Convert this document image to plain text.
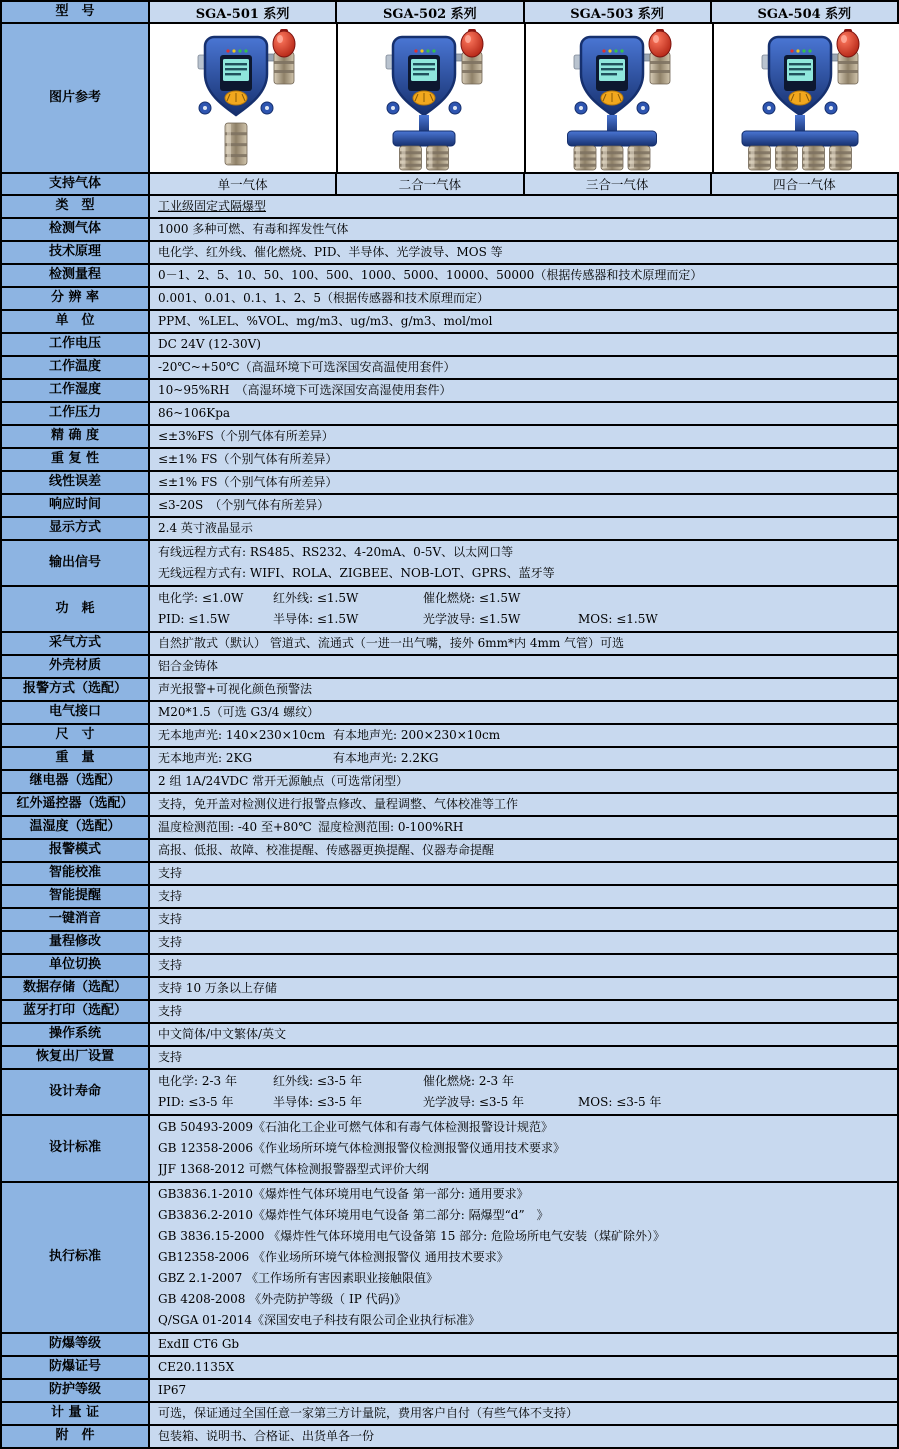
型　号	SGA-501 系列	SGA-502 系列	SGA-503 系列	SGA-504 系列
图片参考
支持气体	单一气体	二合一气体	三合一气体	四合一气体
类　型	工业级固定式隔爆型
检测气体	1000 多种可燃、有毒和挥发性气体
技术原理	电化学、红外线、催化燃烧、PID、半导体、光学波导、MOS 等
检测量程	0－1、2、5、10、50、100、500、1000、5000、10000、50000（根据传感器和技术原理而定）
分 辨 率	0.001、0.01、0.1、1、2、5（根据传感器和技术原理而定）
单　位	PPM、%LEL、%VOL、mg/m3、ug/m3、g/m3、mol/mol
工作电压	DC 24V (12-30V)
工作温度	-20℃~+50℃（高温环境下可选深国安高温使用套件）
工作湿度	10~95%RH　（高湿环境下可选深国安高湿使用套件）
工作压力	86~106Kpa
精 确 度	≤±3%FS（个别气体有所差异）
重 复 性	≤±1% FS（个别气体有所差异）
线性误差	≤±1% FS（个别气体有所差异）
响应时间	≤3-20S　（个别气体有所差异）
显示方式	2.4 英寸液晶显示
输出信号
有线远程方式有: RS485、RS232、4-20mA、0-5V、以太网口等
无线远程方式有: WIFI、ROLA、ZIGBEE、NOB-LOT、GPRS、蓝牙等
功　耗
电化学: ≤1.0W	红外线: ≤1.5W	催化燃烧: ≤1.5W
PID: ≤1.5W	半导体: ≤1.5W	光学波导: ≤1.5W	MOS: ≤1.5W
采气方式	自然扩散式（默认） 管道式、流通式（一进一出气嘴，接外 6mm*内 4mm 气管）可选
外壳材质	铝合金铸体
报警方式（选配）	声光报警+可视化颜色预警法
电气接口	M20*1.5（可选 G3/4 螺纹）
尺　寸	无本地声光: 140×230×10cm 有本地声光: 200×230×10cm
重　量	无本地声光: 2KG	有本地声光: 2.2KG
继电器（选配）	2 组 1A/24VDC 常开无源触点（可选常闭型）
红外遥控器（选配）	支持，免开盖对检测仪进行报警点修改、量程调整、气体校准等工作
温湿度（选配）	温度检测范围: -40 至+80℃ 湿度检测范围: 0-100%RH
报警模式	高报、低报、故障、校准提醒、传感器更换提醒、仪器寿命提醒
智能校准	支持
智能提醒	支持
一键消音	支持
量程修改	支持
单位切换	支持
数据存储（选配）	支持 10 万条以上存储
蓝牙打印（选配）	支持
操作系统	中文简体/中文繁体/英文
恢复出厂设置	支持
设计寿命
电化学: 2-3 年	红外线: ≤3-5 年	催化燃烧: 2-3 年
PID: ≤3-5 年	半导体: ≤3-5 年	光学波导: ≤3-5 年	MOS: ≤3-5 年
设计标准
GB 50493-2009《石油化工企业可燃气体和有毒气体检测报警设计规范》
GB 12358-2006《作业场所环境气体检测报警仪检测报警仪通用技术要求》
JJF 1368-2012 可燃气体检测报警器型式评价大纲
执行标准
GB3836.1-2010《爆炸性气体环境用电气设备 第一部分: 通用要求》
GB3836.2-2010《爆炸性气体环境用电气设备 第二部分: 隔爆型“d”　》
GB 3836.15-2000 《爆炸性气体环境用电气设备第 15 部分: 危险场所电气安装（煤矿除外）》
GB12358-2006 《作业场所环境气体检测报警仪 通用技术要求》
GBZ 2.1-2007 《工作场所有害因素职业接触限值》
GB 4208-2008 《外壳防护等级（ IP 代码)》
Q/SGA 01-2014《深国安电子科技有限公司企业执行标准》
防爆等级	ExdⅡ CT6 Gb
防爆证号	CE20.1135X
防护等级	IP67
计 量 证	可选，保证通过全国任意一家第三方计量院，费用客户自付（有些气体不支持）
附　件	包装箱、说明书、合格证、出货单各一份
